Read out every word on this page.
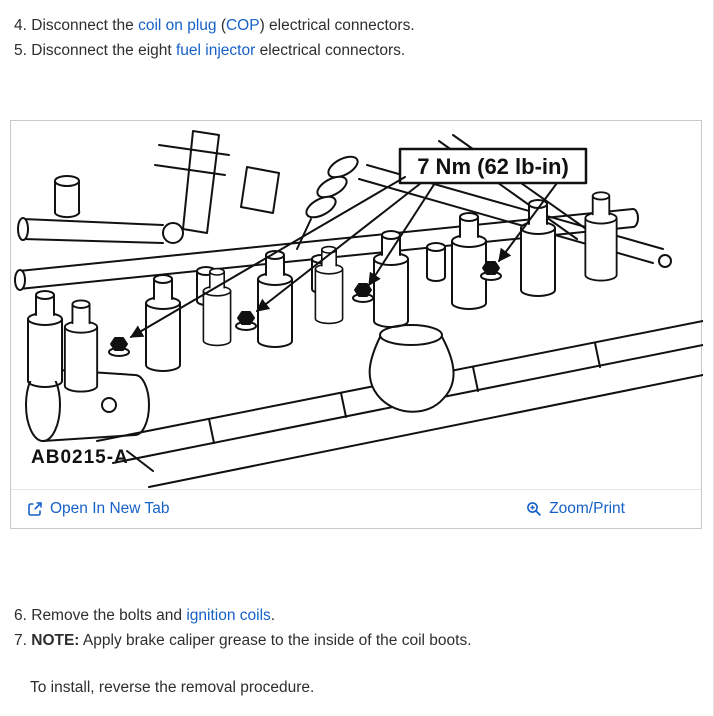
4. Disconnect the coil on plug (COP) electrical connectors.
5. Disconnect the eight fuel injector electrical connectors.
7 Nm (62 lb-in)
AB0215-A
Open In New Tab	Zoom/Print
6. Remove the bolts and ignition coils.
7. NOTE: Apply brake caliper grease to the inside of the coil boots.
To install, reverse the removal procedure.
